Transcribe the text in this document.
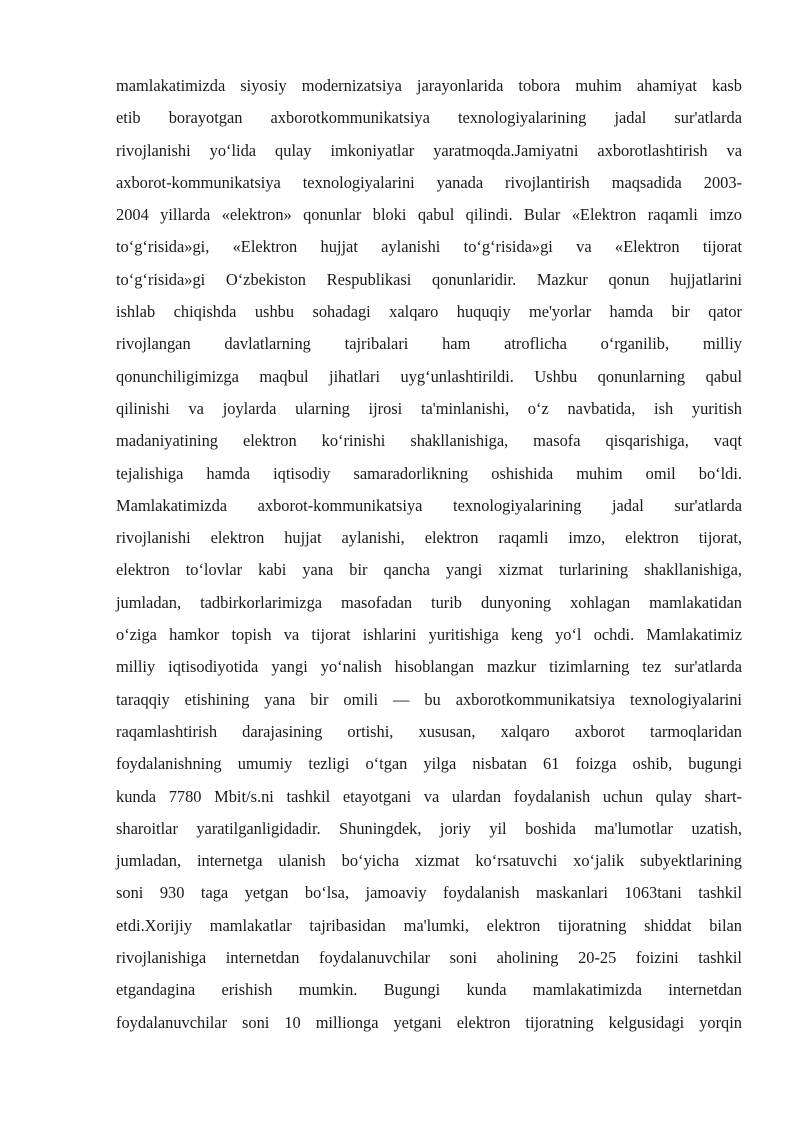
mamlakatimizda siyosiy modernizatsiya jarayonlarida tobora muhim ahamiyat kasb
etib borayotgan axborotkommunikatsiya texnologiyalarining jadal sur'atlarda
rivojlanishi yo‘lida qulay imkoniyatlar yaratmoqda.Jamiyatni axborotlashtirish va
axborot-kommunikatsiya texnologiyalarini yanada rivojlantirish maqsadida 2003-
2004 yillarda «elektron» qonunlar bloki qabul qilindi. Bular «Elektron raqamli imzo
to‘g‘risida»gi, «Elektron hujjat aylanishi to‘g‘risida»gi va «Elektron tijorat
to‘g‘risida»gi O‘zbekiston Respublikasi qonunlaridir. Mazkur qonun hujjatlarini
ishlab chiqishda ushbu sohadagi xalqaro huquqiy me'yorlar hamda bir qator
rivojlangan davlatlarning tajribalari ham atroflicha o‘rganilib, milliy
qonunchiligimizga maqbul jihatlari uyg‘unlashtirildi. Ushbu qonunlarning qabul
qilinishi va joylarda ularning ijrosi ta'minlanishi, o‘z navbatida, ish yuritish
madaniyatining elektron ko‘rinishi shakllanishiga, masofa qisqarishiga, vaqt
tejalishiga hamda iqtisodiy samaradorlikning oshishida muhim omil bo‘ldi.
Mamlakatimizda axborot-kommunikatsiya texnologiyalarining jadal sur'atlarda
rivojlanishi elektron hujjat aylanishi, elektron raqamli imzo, elektron tijorat,
elektron to‘lovlar kabi yana bir qancha yangi xizmat turlarining shakllanishiga,
jumladan, tadbirkorlarimizga masofadan turib dunyoning xohlagan mamlakatidan
o‘ziga hamkor topish va tijorat ishlarini yuritishiga keng yo‘l ochdi. Mamlakatimiz
milliy iqtisodiyotida yangi yo‘nalish hisoblangan mazkur tizimlarning tez sur'atlarda
taraqqiy etishining yana bir omili — bu axborotkommunikatsiya texnologiyalarini
raqamlashtirish darajasining ortishi, xususan, xalqaro axborot tarmoqlaridan
foydalanishning umumiy tezligi o‘tgan yilga nisbatan 61 foizga oshib, bugungi
kunda 7780 Mbit/s.ni tashkil etayotgani va ulardan foydalanish uchun qulay shart-
sharoitlar yaratilganligidadir. Shuningdek, joriy yil boshida ma'lumotlar uzatish,
jumladan, internetga ulanish bo‘yicha xizmat ko‘rsatuvchi xo‘jalik subyektlarining
soni 930 taga yetgan bo‘lsa, jamoaviy foydalanish maskanlari 1063tani tashkil
etdi.Xorijiy mamlakatlar tajribasidan ma'lumki, elektron tijoratning shiddat bilan
rivojlanishiga internetdan foydalanuvchilar soni aholining 20-25 foizini tashkil
etgandagina erishish mumkin. Bugungi kunda mamlakatimizda internetdan
foydalanuvchilar soni 10 millionga yetgani elektron tijoratning kelgusidagi yorqin
